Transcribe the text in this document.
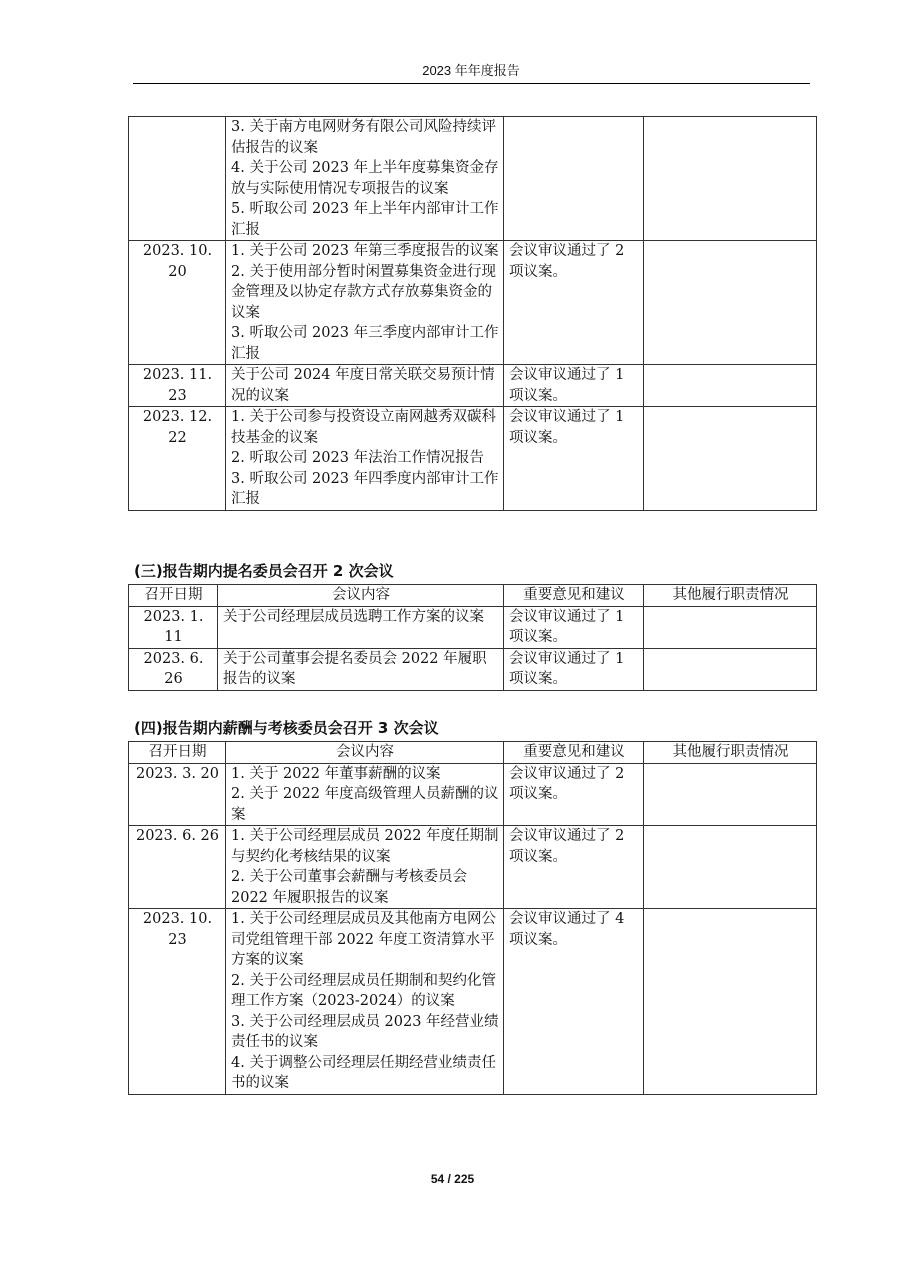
2023 年年度报告

	3. 关于南方电网财务有限公司风险持续评估报告的议案
4. 关于公司 2023 年上半年度募集资金存放与实际使用情况专项报告的议案
5. 听取公司 2023 年上半年内部审计工作汇报		

2023. 10. 20	1. 关于公司 2023 年第三季度报告的议案
2. 关于使用部分暂时闲置募集资金进行现金管理及以协定存款方式存放募集资金的议案
3. 听取公司 2023 年三季度内部审计工作汇报	会议审议通过了 2 项议案。	
2023. 11. 23	关于公司 2024 年度日常关联交易预计情况的议案	会议审议通过了 1 项议案。	
2023. 12. 22	1. 关于公司参与投资设立南网越秀双碳科技基金的议案
2. 听取公司 2023 年法治工作情况报告
3. 听取公司 2023 年四季度内部审计工作汇报	会议审议通过了 1 项议案。	
(三)报告期内提名委员会召开 2 次会议
召开日期	会议内容	重要意见和建议	其他履行职责情况
2023. 1. 11	关于公司经理层成员选聘工作方案的议案	会议审议通过了 1 项议案。	
2023. 6. 26	关于公司董事会提名委员会 2022 年履职报告的议案	会议审议通过了 1 项议案。	
(四)报告期内薪酬与考核委员会召开 3 次会议
召开日期	会议内容	重要意见和建议	其他履行职责情况
2023. 3. 20	1. 关于 2022 年董事薪酬的议案
2. 关于 2022 年度高级管理人员薪酬的议案	会议审议通过了 2 项议案。	
2023. 6. 26	1. 关于公司经理层成员 2022 年度任期制与契约化考核结果的议案
2. 关于公司董事会薪酬与考核委员会 2022 年履职报告的议案	会议审议通过了 2 项议案。	
2023. 10. 23	1. 关于公司经理层成员及其他南方电网公司党组管理干部 2022 年度工资清算水平方案的议案
2. 关于公司经理层成员任期制和契约化管理工作方案（2023-2024）的议案
3. 关于公司经理层成员 2023 年经营业绩责任书的议案
4. 关于调整公司经理层任期经营业绩责任书的议案	会议审议通过了 4 项议案。	
54 / 225
